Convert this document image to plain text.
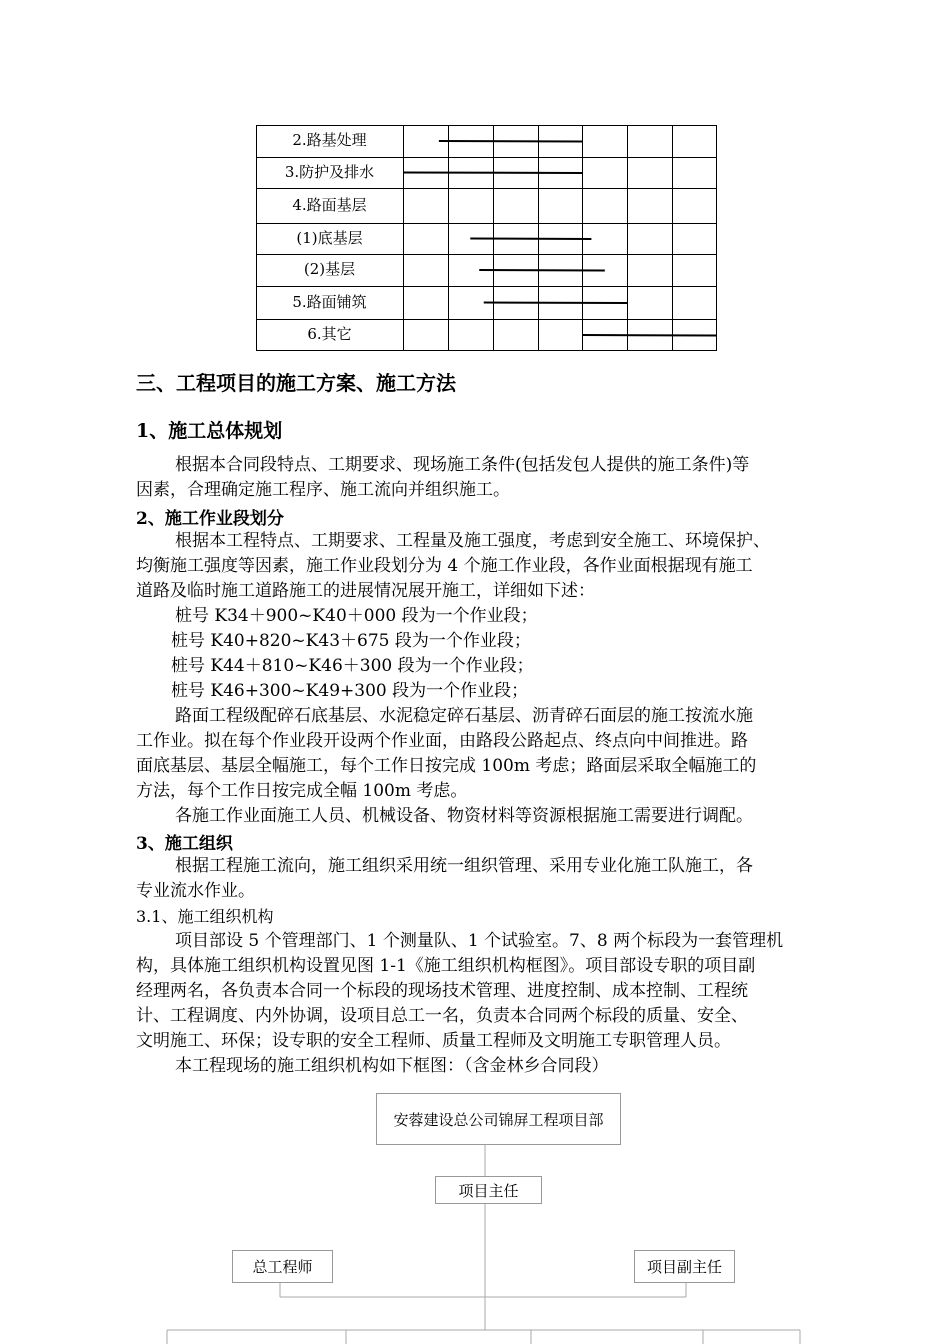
2.路基处理
3.防护及排水
4.路面基层
(1)底基层
(2)基层
5.路面铺筑
6.其它
三、工程项目的施工方案、施工方法
1、施工总体规划
根据本合同段特点、工期要求、现场施工条件(包括发包人提供的施工条件)等
因素，合理确定施工程序、施工流向并组织施工。
2、施工作业段划分
根据本工程特点、工期要求、工程量及施工强度，考虑到安全施工、环境保护、
均衡施工强度等因素，施工作业段划分为 4 个施工作业段，各作业面根据现有施工
道路及临时施工道路施工的进展情况展开施工，详细如下述：
桩号 K34＋900~K40＋000 段为一个作业段；
桩号 K40+820~K43＋675 段为一个作业段；
桩号 K44＋810~K46＋300 段为一个作业段；
桩号 K46+300~K49+300 段为一个作业段；
路面工程级配碎石底基层、水泥稳定碎石基层、沥青碎石面层的施工按流水施
工作业。拟在每个作业段开设两个作业面，由路段公路起点、终点向中间推进。路
面底基层、基层全幅施工，每个工作日按完成 100m 考虑；路面层采取全幅施工的
方法，每个工作日按完成全幅 100m 考虑。
各施工作业面施工人员、机械设备、物资材料等资源根据施工需要进行调配。
3、施工组织
根据工程施工流向，施工组织采用统一组织管理、采用专业化施工队施工，各
专业流水作业。
3.1、施工组织机构
项目部设 5 个管理部门、1 个测量队、1 个试验室。7、8 两个标段为一套管理机
构，具体施工组织机构设置见图 1-1《施工组织机构框图》。项目部设专职的项目副
经理两名，各负责本合同一个标段的现场技术管理、进度控制、成本控制、工程统
计、工程调度、内外协调，设项目总工一名，负责本合同两个标段的质量、安全、
文明施工、环保；设专职的安全工程师、质量工程师及文明施工专职管理人员。
本工程现场的施工组织机构如下框图：（含金林乡合同段）
安蓉建设总公司锦屏工程项目部
项目主任
总工程师	项目副主任
